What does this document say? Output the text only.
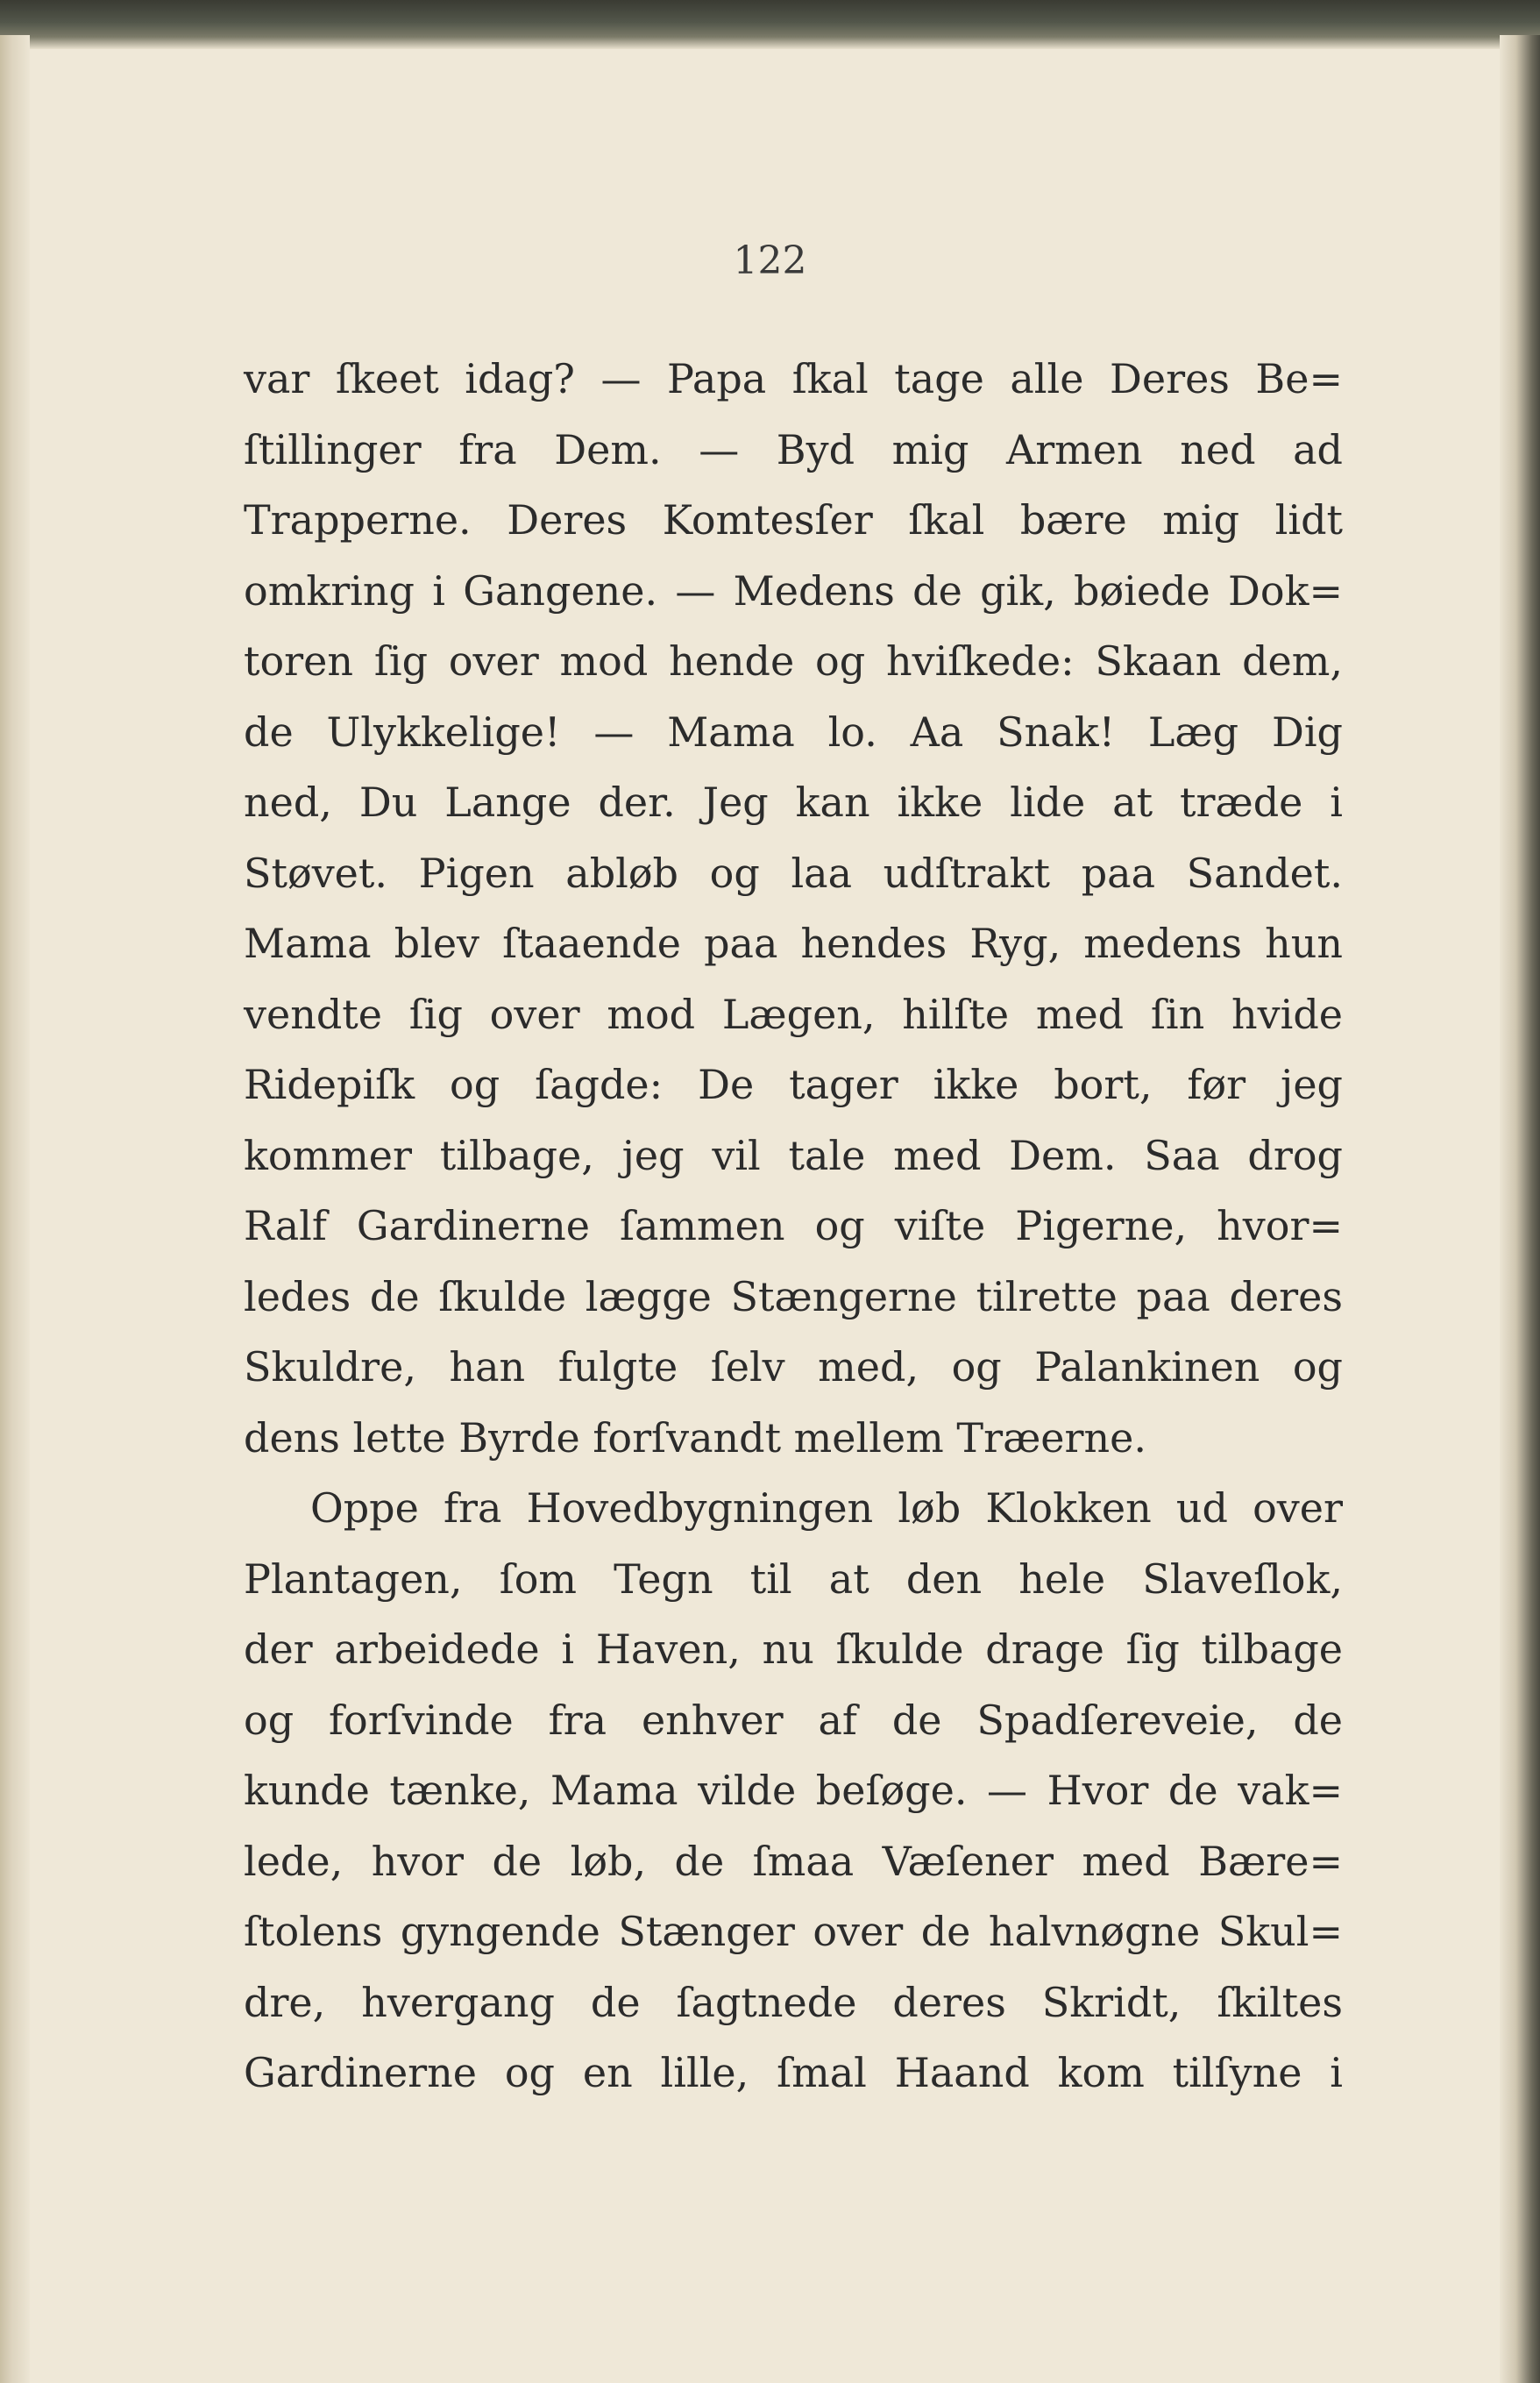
122
var ſkeet idag? — Papa ſkal tage alle Deres Be=
ſtillinger fra Dem. — Byd mig Armen ned ad
Trapperne. Deres Komtesſer ſkal bære mig lidt
omkring i Gangene. — Medens de gik, bøiede Dok=
toren ſig over mod hende og hviſkede: Skaan dem,
de Ulykkelige! — Mama lo. Aa Snak! Læg Dig
ned, Du Lange der. Jeg kan ikke lide at træde i
Støvet. Pigen abløb og laa udſtrakt paa Sandet.
Mama blev ſtaaende paa hendes Ryg, medens hun
vendte ſig over mod Lægen, hilſte med ſin hvide
Ridepiſk og ſagde: De tager ikke bort, før jeg
kommer tilbage, jeg vil tale med Dem. Saa drog
Ralf Gardinerne ſammen og viſte Pigerne, hvor=
ledes de ſkulde lægge Stængerne tilrette paa deres
Skuldre, han fulgte ſelv med, og Palankinen og
dens lette Byrde forſvandt mellem Træerne.
Oppe fra Hovedbygningen løb Klokken ud over
Plantagen, ſom Tegn til at den hele Slaveſlok,
der arbeidede i Haven, nu ſkulde drage ſig tilbage
og forſvinde fra enhver af de Spadſereveie, de
kunde tænke, Mama vilde beſøge. — Hvor de vak=
lede, hvor de løb, de ſmaa Væſener med Bære=
ſtolens gyngende Stænger over de halvnøgne Skul=
dre, hvergang de ſagtnede deres Skridt, ſkiltes
Gardinerne og en lille, ſmal Haand kom tilſyne i
